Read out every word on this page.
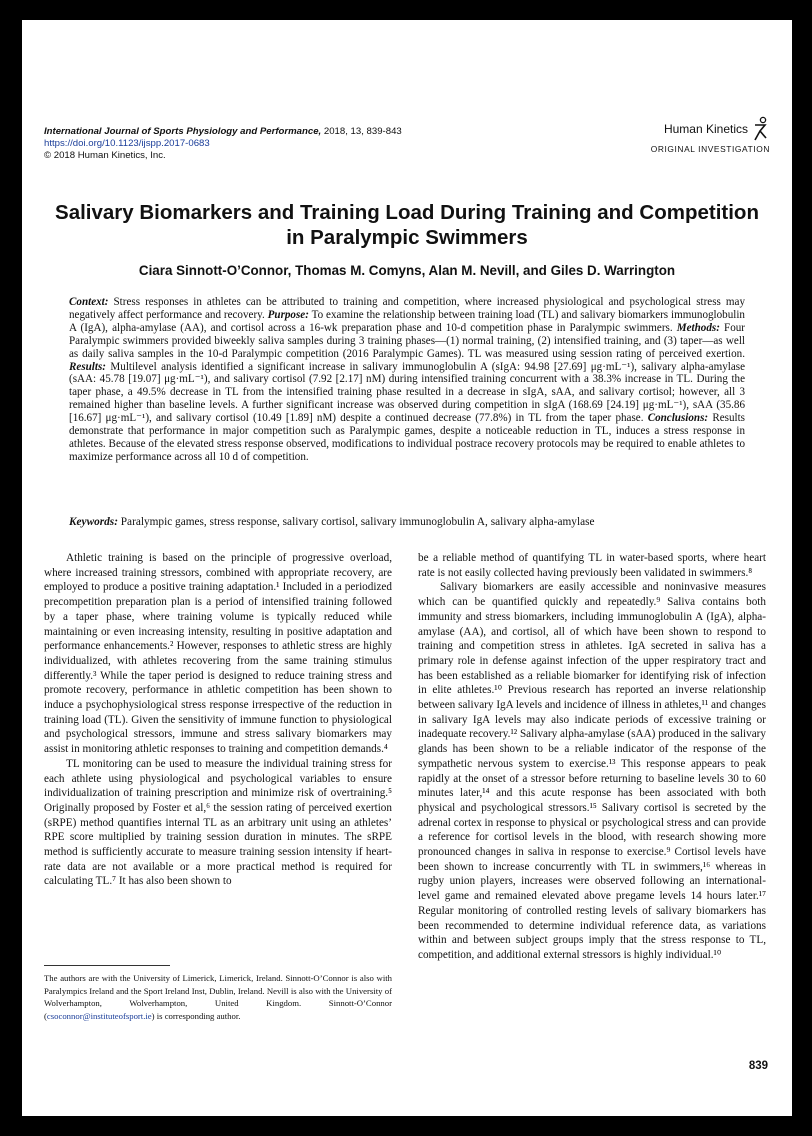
International Journal of Sports Physiology and Performance, 2018, 13, 839-843
https://doi.org/10.1123/ijspp.2017-0683
© 2018 Human Kinetics, Inc.
Human Kinetics
ORIGINAL INVESTIGATION
Salivary Biomarkers and Training Load During Training and Competition in Paralympic Swimmers
Ciara Sinnott-O’Connor, Thomas M. Comyns, Alan M. Nevill, and Giles D. Warrington

Context: Stress responses in athletes can be attributed to training and competition, where increased physiological and psychological stress may negatively affect performance and recovery. Purpose: To examine the relationship between training load (TL) and salivary biomarkers immunoglobulin A (IgA), alpha-amylase (AA), and cortisol across a 16-wk preparation phase and 10-d competition phase in Paralympic swimmers. Methods: Four Paralympic swimmers provided biweekly saliva samples during 3 training phases—(1) normal training, (2) intensified training, and (3) taper—as well as daily saliva samples in the 10-d Paralympic competition (2016 Paralympic Games). TL was measured using session rating of perceived exertion. Results: Multilevel analysis identified a significant increase in salivary immunoglobulin A (sIgA: 94.98 [27.69] μg·mL⁻¹), salivary alpha-amylase (sAA: 45.78 [19.07] μg·mL⁻¹), and salivary cortisol (7.92 [2.17] nM) during intensified training concurrent with a 38.3% increase in TL. During the taper phase, a 49.5% decrease in TL from the intensified training phase resulted in a decrease in sIgA, sAA, and salivary cortisol; however, all 3 remained higher than baseline levels. A further significant increase was observed during competition in sIgA (168.69 [24.19] μg·mL⁻¹), sAA (35.86 [16.67] μg·mL⁻¹), and salivary cortisol (10.49 [1.89] nM) despite a continued decrease (77.8%) in TL from the taper phase. Conclusions: Results demonstrate that performance in major competition such as Paralympic games, despite a noticeable reduction in TL, induces a stress response in athletes. Because of the elevated stress response observed, modifications to individual postrace recovery protocols may be required to enable athletes to maximize performance across all 10 d of competition.

Keywords: Paralympic games, stress response, salivary cortisol, salivary immunoglobulin A, salivary alpha-amylase

Athletic training is based on the principle of progressive overload, where increased training stressors, combined with appropriate recovery, are employed to produce a positive training adaptation.¹ Included in a periodized precompetition preparation plan is a period of intensified training followed by a taper phase, where training volume is typically reduced while maintaining or even increasing intensity, resulting in positive adaptation and performance enhancements.² However, responses to athletic stress are highly individualized, with athletes recovering from the same training stimulus differently.³ While the taper period is designed to reduce training stress and promote recovery, performance in athletic competition has been shown to induce a psychophysiological stress response irrespective of the reduction in training load (TL). Given the sensitivity of immune function to physiological and psychological stressors, immune and stress salivary biomarkers may assist in monitoring athletic responses to training and competition demands.⁴

TL monitoring can be used to measure the individual training stress for each athlete using physiological and psychological variables to ensure individualization of training prescription and minimize risk of overtraining.⁵ Originally proposed by Foster et al,⁶ the session rating of perceived exertion (sRPE) method quantifies internal TL as an arbitrary unit using an athletes’ RPE score multiplied by training session duration in minutes. The sRPE method is sufficiently accurate to measure training session intensity if heart-rate data are not available or a more practical method is required for calculating TL.⁷ It has also been shown to

be a reliable method of quantifying TL in water-based sports, where heart rate is not easily collected having previously been validated in swimmers.⁸

Salivary biomarkers are easily accessible and noninvasive measures which can be quantified quickly and repeatedly.⁹ Saliva contains both immunity and stress biomarkers, including immunoglobulin A (IgA), alpha-amylase (AA), and cortisol, all of which have been shown to respond to training and competition stress in athletes. IgA secreted in saliva has a primary role in defense against infection of the upper respiratory tract and has been established as a reliable biomarker for identifying risk of infection in elite athletes.¹⁰ Previous research has reported an inverse relationship between salivary IgA levels and incidence of illness in athletes,¹¹ and changes in salivary IgA levels may also indicate periods of excessive training or inadequate recovery.¹² Salivary alpha-amylase (sAA) produced in the salivary glands has been shown to be a reliable indicator of the response of the sympathetic nervous system to exercise.¹³ This response appears to peak rapidly at the onset of a stressor before returning to baseline levels 30 to 60 minutes later,¹⁴ and this acute response has been associated with both physical and psychological stressors.¹⁵ Salivary cortisol is secreted by the adrenal cortex in response to physical or psychological stress and can provide a reference for cortisol levels in the blood, with research showing more pronounced changes in saliva in response to exercise.⁹ Cortisol levels have been shown to increase concurrently with TL in swimmers,¹⁶ whereas in rugby union players, increases were observed following an international-level game and remained elevated above pregame levels 14 hours later.¹⁷ Regular monitoring of controlled resting levels of salivary biomarkers has been recommended to determine individual reference data, as variations within and between subject groups imply that the stress response to TL, competition, and additional external stressors is highly individual.¹⁰

The authors are with the University of Limerick, Limerick, Ireland. Sinnott-O’Connor is also with Paralympics Ireland and the Sport Ireland Inst, Dublin, Ireland. Nevill is also with the University of Wolverhampton, Wolverhampton, United Kingdom. Sinnott-O’Connor (csoconnor@instituteofsport.ie) is corresponding author.
839
